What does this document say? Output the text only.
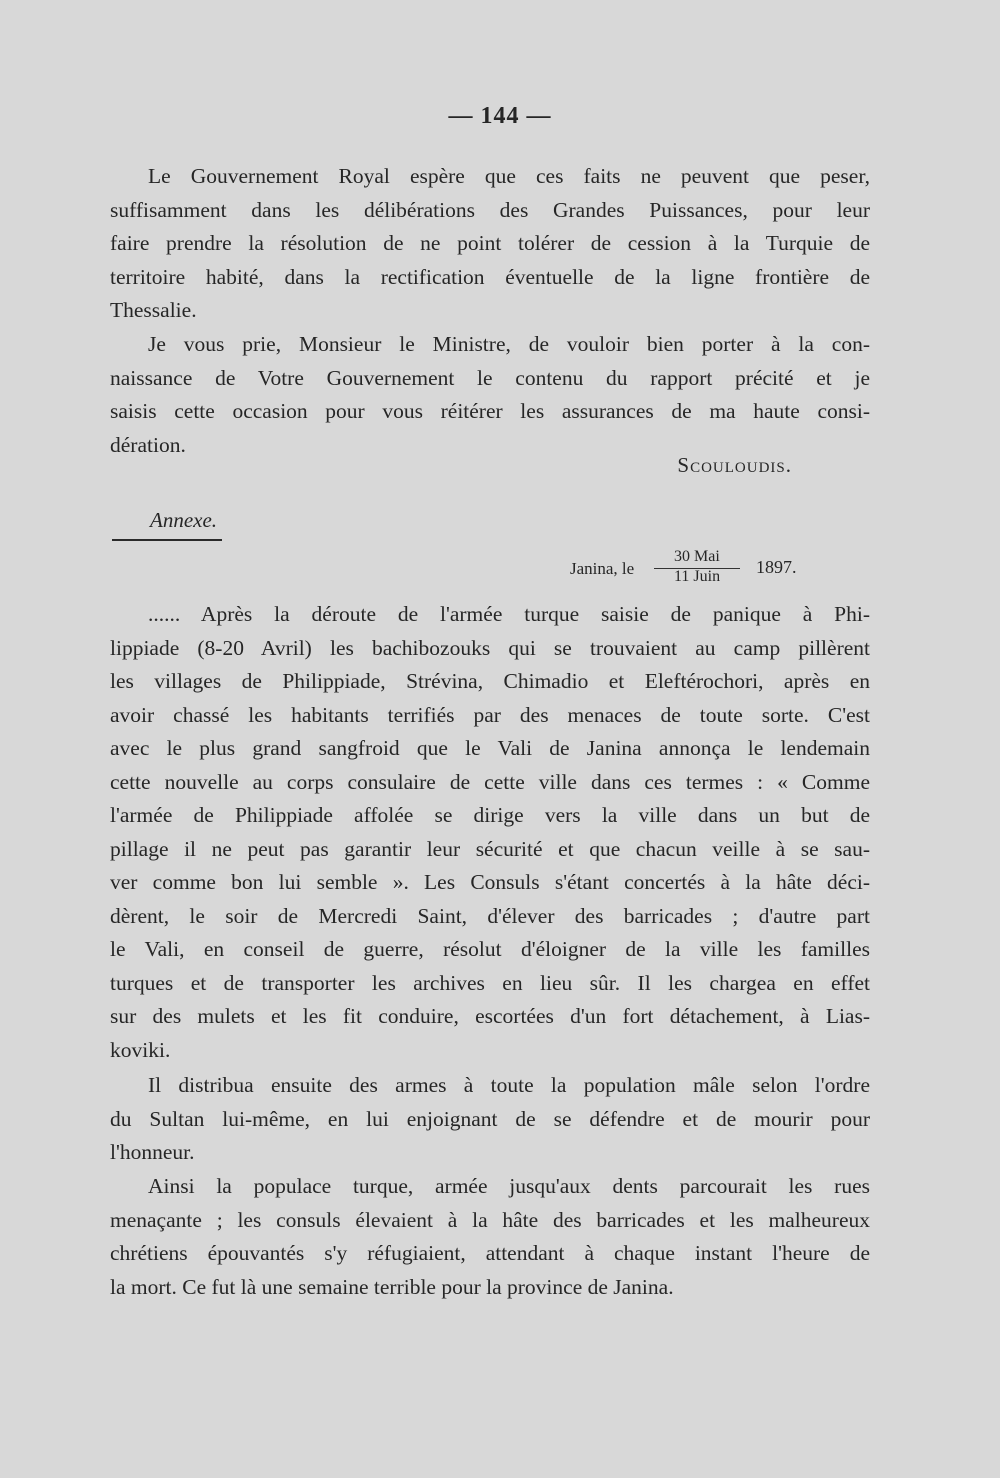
— 144 —
Le Gouvernement Royal espère que ces faits ne peuvent que peser,
suffisamment dans les délibérations des Grandes Puissances, pour leur
faire prendre la résolution de ne point tolérer de cession à la Turquie de
territoire habité, dans la rectification éventuelle de la ligne frontière de
Thessalie.
Je vous prie, Monsieur le Ministre, de vouloir bien porter à la con-
naissance de Votre Gouvernement le contenu du rapport précité et je
saisis cette occasion pour vous réitérer les assurances de ma haute consi-
dération.
Scouloudis.
Annexe.
Janina, le
30 Mai
11 Juin 1897.
...... Après la déroute de l'armée turque saisie de panique à Phi-
lippiade (8-20 Avril) les bachibozouks qui se trouvaient au camp pillèrent
les villages de Philippiade, Strévina, Chimadio et Eleftérochori, après en
avoir chassé les habitants terrifiés par des menaces de toute sorte. C'est
avec le plus grand sangfroid que le Vali de Janina annonça le lendemain
cette nouvelle au corps consulaire de cette ville dans ces termes : « Comme
l'armée de Philippiade affolée se dirige vers la ville dans un but de
pillage il ne peut pas garantir leur sécurité et que chacun veille à se sau-
ver comme bon lui semble ». Les Consuls s'étant concertés à la hâte déci-
dèrent, le soir de Mercredi Saint, d'élever des barricades ; d'autre part
le Vali, en conseil de guerre, résolut d'éloigner de la ville les familles
turques et de transporter les archives en lieu sûr. Il les chargea en effet
sur des mulets et les fit conduire, escortées d'un fort détachement, à Lias-
koviki.
Il distribua ensuite des armes à toute la population mâle selon l'ordre
du Sultan lui-même, en lui enjoignant de se défendre et de mourir pour
l'honneur.
Ainsi la populace turque, armée jusqu'aux dents parcourait les rues
menaçante ; les consuls élevaient à la hâte des barricades et les malheureux
chrétiens épouvantés s'y réfugiaient, attendant à chaque instant l'heure de
la mort. Ce fut là une semaine terrible pour la province de Janina.
